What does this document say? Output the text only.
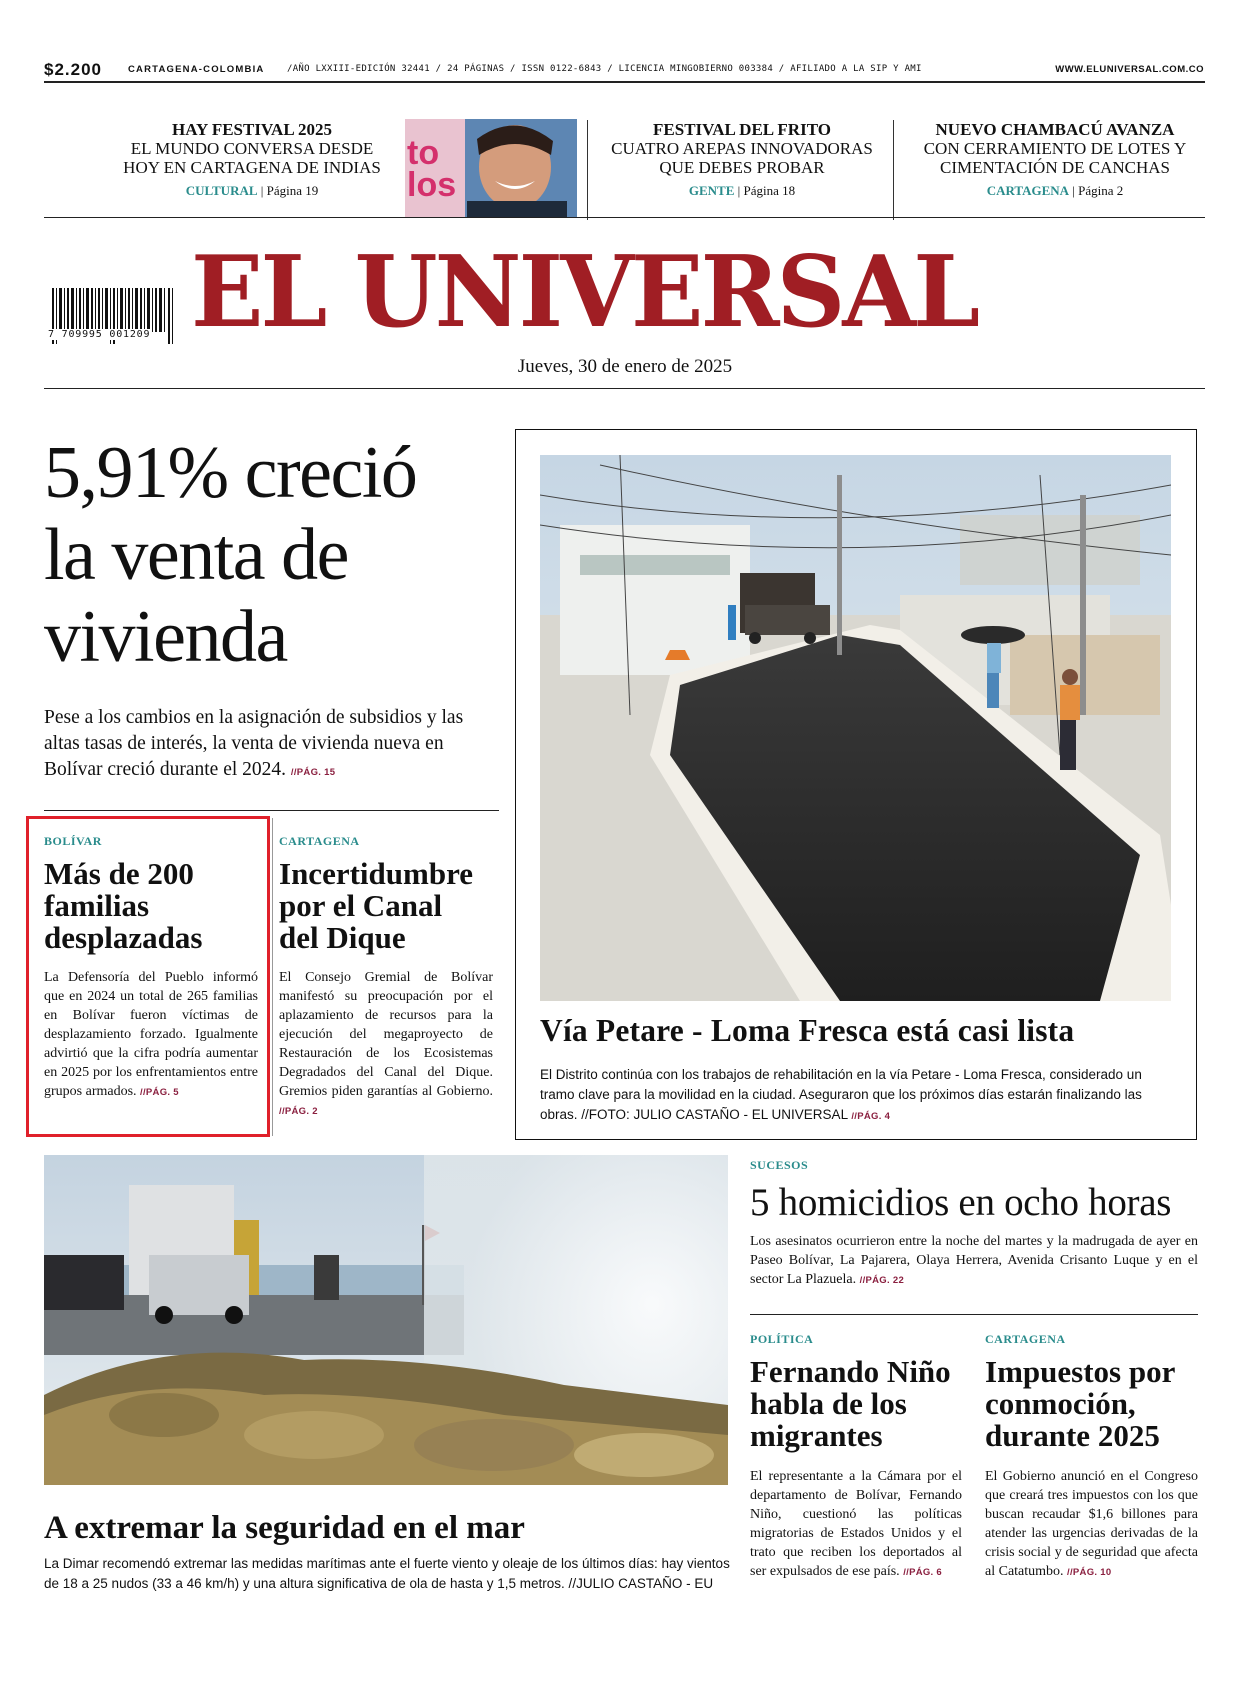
$2.200	CARTAGENA-COLOMBIA	/AÑO LXXIII-EDICIÓN 32441 / 24 PÁGINAS / ISSN 0122-6843 / LICENCIA MINGOBIERNO 003384 / AFILIADO A LA SIP Y AMI	WWW.ELUNIVERSAL.COM.CO
HAY FESTIVAL 2025
EL MUNDO CONVERSA DESDE
HOY EN CARTAGENA DE INDIAS
CULTURAL | Página 19
to los
FESTIVAL DEL FRITO
CUATRO AREPAS INNOVADORAS
QUE DEBES PROBAR
GENTE | Página 18
NUEVO CHAMBACÚ AVANZA
CON CERRAMIENTO DE LOTES Y
CIMENTACIÓN DE CANCHAS
CARTAGENA | Página 2
7 709995 001209 EL UNIVERSAL
Jueves, 30 de enero de 2025
5,91% creció
la venta de
vivienda
Pese a los cambios en la asignación de subsidios y las altas tasas de interés, la venta de vivienda nueva en Bolívar creció durante el 2024. //PÁG. 15
BOLÍVAR
Más de 200
familias
desplazadas
La Defensoría del Pueblo informó que en 2024 un total de 265 familias en Bolívar fueron víctimas de desplazamiento forzado. Igualmente advirtió que la cifra podría aumentar en 2025 por los enfrentamientos entre grupos armados. //PÁG. 5
CARTAGENA
Incertidumbre
por el Canal
del Dique
El Consejo Gremial de Bolívar manifestó su preocupación por el aplazamiento de recursos para la ejecución del megaproyecto de Restauración de los Ecosistemas Degradados del Canal del Dique. Gremios piden garantías al Gobierno. //PÁG. 2
Vía Petare - Loma Fresca está casi lista
El Distrito continúa con los trabajos de rehabilitación en la vía Petare - Loma Fresca, considerado un tramo clave para la movilidad en la ciudad. Aseguraron que los próximos días estarán finalizando las obras. //FOTO: JULIO CASTAÑO - EL UNIVERSAL //PÁG. 4
A extremar la seguridad en el mar
La Dimar recomendó extremar las medidas marítimas ante el fuerte viento y oleaje de los últimos días: hay vientos de 18 a 25 nudos (33 a 46 km/h) y una altura significativa de ola de hasta y 1,5 metros. //JULIO CASTAÑO - EU
SUCESOS
5 homicidios en ocho horas
Los asesinatos ocurrieron entre la noche del martes y la madrugada de ayer en Paseo Bolívar, La Pajarera, Olaya Herrera, Avenida Crisanto Luque y en el sector La Plazuela. //PÁG. 22
POLÍTICA
Fernando Niño
habla de los
migrantes
El representante a la Cámara por el departamento de Bolívar, Fernando Niño, cuestionó las políticas migratorias de Estados Unidos y el trato que reciben los deportados al ser expulsados de ese país. //PÁG. 6
CARTAGENA
Impuestos por
conmoción,
durante 2025
El Gobierno anunció en el Congreso que creará tres impuestos con los que buscan recaudar $1,6 billones para atender las urgencias derivadas de la crisis social y de seguridad que afecta al Catatumbo. //PÁG. 10
